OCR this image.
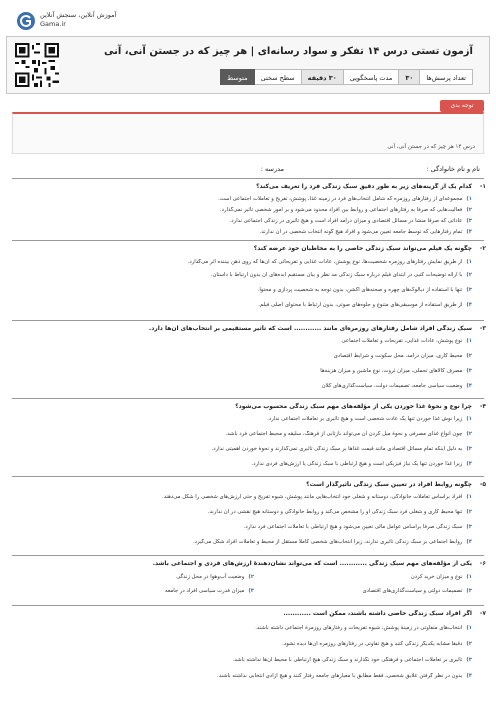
آموزش آنلاین، سنجش آنلاین
Gama.ir
آزمون تستی درس ۱۴ تفکر و سواد رسانه‌ای | هر چیز که در جستن آنی، آنی
تعداد پرسش‌ها
۳۰
مدت پاسخگویی
۳۰ دقیقه
سطح سختی
متوسط
توجه بدی
درس ۱۴ هر چیز که در جستن آنی، آنی
نام و نام خانوادگی :
مدرسه :
۱-
کدام یک از گزینه‌های زیر به طور دقیق سبک زندگی فرد را تعریف می‌کند؟
۱)مجموعه‌ای از رفتارهای روزمره که شامل انتخاب‌های فرد در زمینه غذا، پوشش، تفریح و تعاملات اجتماعی است.
۲)فعالیت‌هایی که صرفاً به رفتارهای اجتماعی و روابط بین افراد محدود می‌شود و بر امور شخصی تأثیر نمی‌گذارد.
۳)عاداتی که صرفاً منشأ در مسائل اقتصادی و میزان درآمد افراد است و هیچ تأثیری در زندگی اجتماعی ندارد.
۴)تمام رفتارهایی که توسط جامعه تعیین می‌شود و افراد هیچ گونه انتخاب شخصی در آن ندارند.
۲-
چگونه یک فیلم می‌تواند سبک زندگی خاصی را به مخاطبان خود عرضه کند؟
۱)از طریق نمایش رفتارهای روزمره شخصیت‌ها، نوع پوشش، عادات غذایی و تفریحاتی که آن‌ها که روی ذهن بیننده اثر می‌گذارد.
۲)با ارائه توضیحات کتبی در ابتدای فیلم درباره سبک زندگی مد نظر و بیان مستقیم ایده‌های آن بدون ارتباط با داستان.
۳)تنها با استفاده از دیالوگ‌های چهره و صحنه‌های اکشن، بدون توجه به شخصیت پردازی و محتوا.
۴)از طریق استفاده از موسیقی‌های متنوع و جلوه‌های صوتی، بدون ارتباط با محتوای اصلی فیلم.
۳-
سبک زندگی افراد شامل رفتارهای روزمره‌ای مانند ............ است که تأثیر مستقیمی بر انتخاب‌های آن‌ها دارد.
۱)نوع پوشش، عادات غذایی، تفریحات و تعاملات اجتماعی
۲)محیط کاری، میزان درآمد، محل سکونت و شرایط اقتصادی
۳)مصرف کالاهای تجملی، میزان ثروت، نوع ماشین و میزان هزینه‌ها
۴)وضعیت سیاسی جامعه، تصمیمات دولت، سیاست‌گذاری‌های کلان
۴-
چرا نوع و نحوهٔ غذا خوردن یکی از مؤلفه‌های مهم سبک زندگی محسوب می‌شود؟
۱)زیرا نوش غذا خوردن تنها یک عادت شخصی است و هیچ تأثیری بر تعاملات اجتماعی ندارد.
۲)چون انواع غذای مصرفی و نحوهٔ میل کردن آن می‌تواند بازتابی از فرهنگ، سلیقه و محیط اجتماعی فرد باشد.
۳)به دلیل اینکه تمام مسائل اقتصادی مانند قیمت غذاها بر سبک زندگی تأثیری نمی‌گذارند و نحوهٔ خوردن اهمیتی ندارد.
۴)زیرا غذا خوردن تنها یک نیاز فیزیکی است و هیچ ارتباطی با سبک زندگی یا ارزش‌های فردی ندارد.
۵-
چگونه روابط افراد در تعیین سبک زندگی تأثیرگذار است؟
۱)افراد براساس تعاملات خانوادگی، دوستانه و شغلی خود انتخاب‌هایی مانند پوشش، شیوه تفریح و حتی ارزش‌های شخصی را شکل می‌دهند.
۲)تنها محیط کاری و شغلی فرد سبک زندگی او را مشخص می‌کند و روابط خانوادگی و دوستانه هیچ نقشی در آن ندارند.
۳)سبک زندگی صرفاً براساس عوامل مالی تعیین می‌شود و هیچ ارتباطی با تعاملات اجتماعی فرد ندارد.
۴)روابط اجتماعی بر سبک زندگی تأثیری ندارند، زیرا انتخاب‌های شخصی کاملاً مستقل از محیط و تعاملات افراد شکل می‌گیرد.
۶-
یکی از مؤلفه‌های مهم سبک زندگی ............ است که می‌تواند نشان‌دهندهٔ ارزش‌های فردی و اجتماعی باشد.
۱)نوع و میزان خرید کردن
۲)وضعیت آب‌وهوا در محل زندگی
۳)تصمیمات دولتی و سیاست‌گذاری‌های اقتصادی
۴)میزان قدرت سیاسی افراد در جامعه
۷-
اگر افراد سبک زندگی خاصی داشته باشند، ممکن است ............
۱)انتخاب‌های متفاوتی در زمینهٔ پوشش، شیوه تفریحات و رفتارهای روزمرهٔ اجتماعی داشته باشند.
۲)دقیقاً مشابه یکدیگر زندگی کنند و هیچ تفاوتی در رفتارهای روزمره آن‌ها دیده نشود.
۳)تأثیری بر تعاملات اجتماعی و فرهنگی خود نگذارند و سبک زندگی هیچ ارتباطی با محیط آن‌ها نداشته باشد.
۴)بدون در نظر گرفتن علایق شخصی، فقط مطابق با معیارهای جامعه رفتار کنند و هیچ آزادی انتخابی نداشته باشند.
